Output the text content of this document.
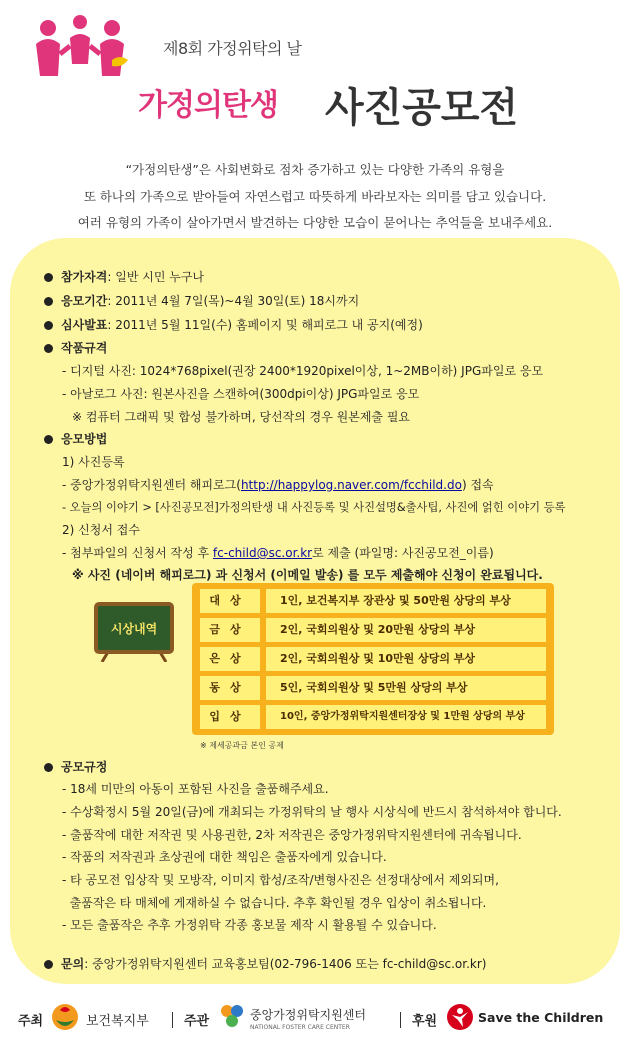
제8회 가정위탁의 날
가정의탄생 사진공모전
“가정의탄생”은 사회변화로 점차 증가하고 있는 다양한 가족의 유형을
또 하나의 가족으로 받아들여 자연스럽고 따뜻하게 바라보자는 의미를 담고 있습니다.
여러 유형의 가족이 살아가면서 발견하는 다양한 모습이 묻어나는 추억들을 보내주세요.
참가자격: 일반 시민 누구나
응모기간: 2011년 4월 7일(목)~4월 30일(토) 18시까지
심사발표: 2011년 5월 11일(수) 홈페이지 및 해피로그 내 공지(예정)
작품규격
- 디지털 사진: 1024*768pixel(권장 2400*1920pixel이상, 1~2MB이하) JPG파일로 응모
- 아날로그 사진: 원본사진을 스캔하여(300dpi이상) JPG파일로 응모
※ 컴퓨터 그래픽 및 합성 불가하며, 당선작의 경우 원본제출 필요
응모방법
1) 사진등록
- 중앙가정위탁지원센터 해피로그(http://happylog.naver.com/fcchild.do) 접속
- 오늘의 이야기 > [사진공모전]가정의탄생 내 사진등록 및 사진설명&출사팁, 사진에 얽힌 이야기 등록
2) 신청서 접수
- 첨부파일의 신청서 작성 후 fc-child@sc.or.kr로 제출 (파일명: 사진공모전_이름)
※ 사진 (네이버 해피로그) 과 신청서 (이메일 발송) 를 모두 제출해야 신청이 완료됩니다.
시상내역
대상	1인, 보건복지부 장관상 및 50만원 상당의 부상
금상	2인, 국회의원상 및 20만원 상당의 부상
은상	2인, 국회의원상 및 10만원 상당의 부상
동상	5인, 국회의원상 및 5만원 상당의 부상
입상	10인, 중앙가정위탁지원센터장상 및 1만원 상당의 부상
※ 제세공과금 본인 공제
공모규정
- 18세 미만의 아동이 포함된 사진을 출품해주세요.
- 수상확정시 5월 20일(금)에 개최되는 가정위탁의 날 행사 시상식에 반드시 참석하셔야 합니다.
- 출품작에 대한 저작권 및 사용권한, 2차 저작권은 중앙가정위탁지원센터에 귀속됩니다.
- 작품의 저작권과 초상권에 대한 책임은 출품자에게 있습니다.
- 타 공모전 입상작 및 모방작, 이미지 합성/조작/변형사진은 선정대상에서 제외되며,
출품작은 타 매체에 게재하실 수 없습니다. 추후 확인될 경우 입상이 취소됩니다.
- 모든 출품작은 추후 가정위탁 각종 홍보물 제작 시 활용될 수 있습니다.
문의: 중앙가정위탁지원센터 교육홍보팀(02-796-1406 또는 fc-child@sc.or.kr)
주최	보건복지부	주관	중앙가정위탁지원센터
NATIONAL FOSTER CARE CENTER	후원	Save the Children
